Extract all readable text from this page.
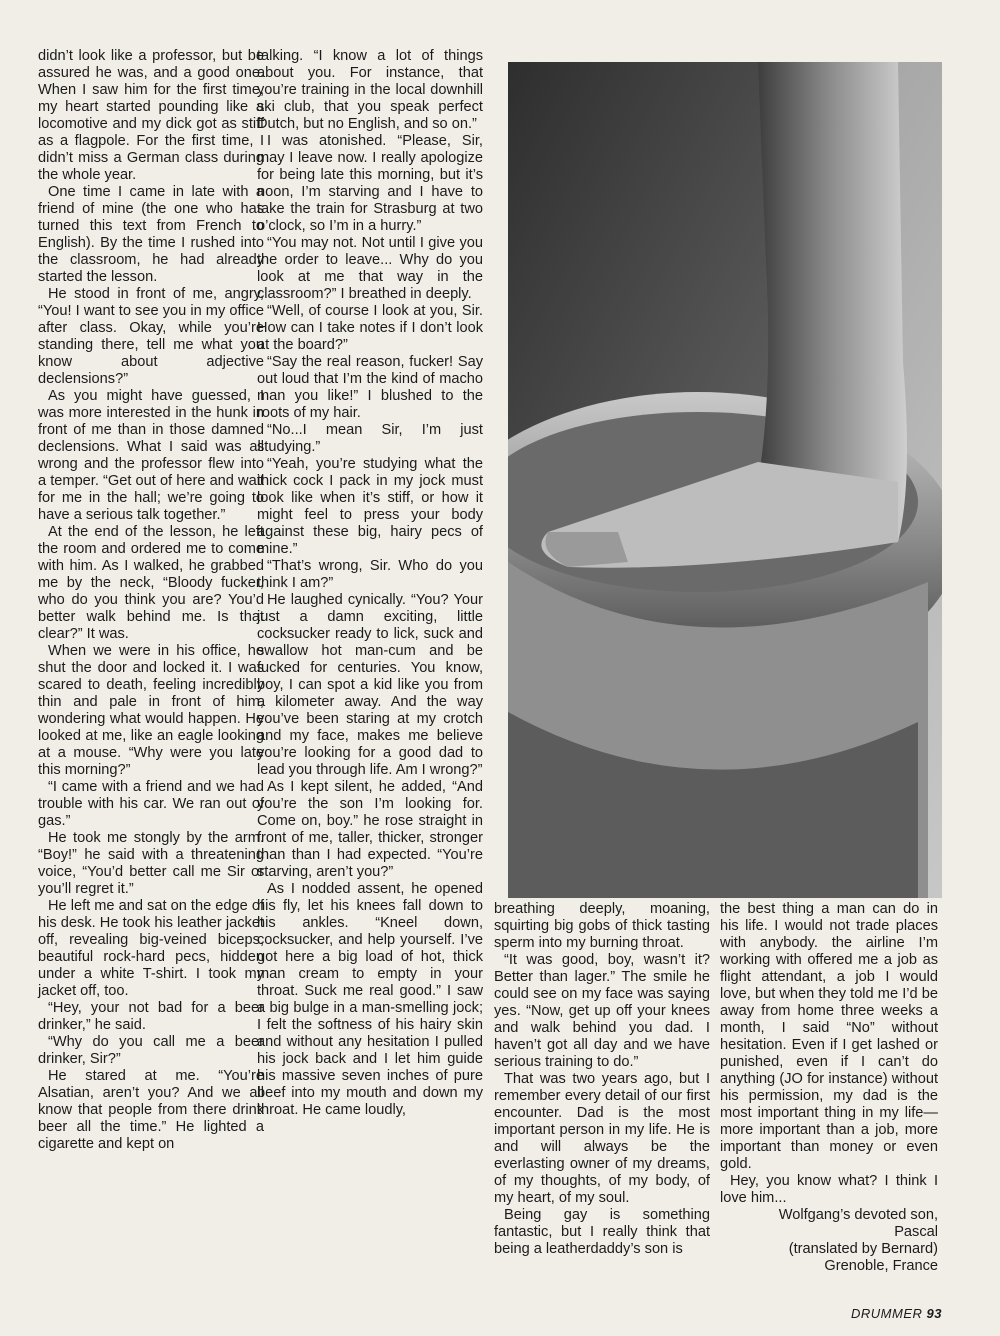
didn’t look like a professor, but be assured he was, and a good one. When I saw him for the first time, my heart started pounding like a locomotive and my dick got as stiff as a flagpole. For the first time, I didn’t miss a German class during the whole year.

One time I came in late with a friend of mine (the one who has turned this text from French to English). By the time I rushed into the classroom, he had already started the lesson.

He stood in front of me, angry, “You! I want to see you in my office after class. Okay, while you’re standing there, tell me what you know about adjective declensions?”

As you might have guessed, I was more interested in the hunk in front of me than in those damned declensions. What I said was all wrong and the professor flew into a temper. “Get out of here and wait for me in the hall; we’re going to have a serious talk together.”

At the end of the lesson, he left the room and ordered me to come with him. As I walked, he grabbed me by the neck, “Bloody fucker, who do you think you are? You’d better walk behind me. Is that clear?” It was.

When we were in his office, he shut the door and locked it. I was scared to death, feeling incredibly thin and pale in front of him, wondering what would happen. He looked at me, like an eagle looking at a mouse. “Why were you late this morning?”

“I came with a friend and we had trouble with his car. We ran out of gas.”

He took me stongly by the arm. “Boy!” he said with a threatening voice, “You’d better call me Sir or you’ll regret it.”

He left me and sat on the edge of his desk. He took his leather jacket off, revealing big-veined biceps, beautiful rock-hard pecs, hidden under a white T-shirt. I took my jacket off, too.

“Hey, your not bad for a beer drinker,” he said.

“Why do you call me a beer drinker, Sir?”

He stared at me. “You’re Alsatian, aren’t you? And we all know that people from there drink beer all the time.” He lighted a cigarette and kept on

talking. “I know a lot of things about you. For instance, that you’re training in the local downhill ski club, that you speak perfect Dutch, but no English, and so on.”

I was atonished. “Please, Sir, may I leave now. I really apologize for being late this morning, but it’s noon, I’m starving and I have to take the train for Strasburg at two o’clock, so I’m in a hurry.”

“You may not. Not until I give you the order to leave... Why do you look at me that way in the classroom?” I breathed in deeply.

“Well, of course I look at you, Sir. How can I take notes if I don’t look at the board?”

“Say the real reason, fucker! Say out loud that I’m the kind of macho man you like!” I blushed to the roots of my hair.

“No...I mean Sir, I’m just studying.”

“Yeah, you’re studying what the thick cock I pack in my jock must look like when it’s stiff, or how it might feel to press your body against these big, hairy pecs of mine.”

“That’s wrong, Sir. Who do you think I am?”

He laughed cynically. “You? Your just a damn exciting, little cocksucker ready to lick, suck and swallow hot man-cum and be fucked for centuries. You know, boy, I can spot a kid like you from a kilometer away. And the way you’ve been staring at my crotch and my face, makes me believe you’re looking for a good dad to lead you through life. Am I wrong?”

As I kept silent, he added, “And you’re the son I’m looking for. Come on, boy.” he rose straight in front of me, taller, thicker, stronger than than I had expected. “You’re starving, aren’t you?”

As I nodded assent, he opened his fly, let his knees fall down to his ankles. “Kneel down, cocksucker, and help yourself. I’ve got here a big load of hot, thick man cream to empty in your throat. Suck me real good.” I saw a big bulge in a man-smelling jock; I felt the softness of his hairy skin and without any hesitation I pulled his jock back and I let him guide his massive seven inches of pure beef into my mouth and down my throat. He came loudly,

breathing deeply, moaning, squirting big gobs of thick tasting sperm into my burning throat.

“It was good, boy, wasn’t it? Better than lager.” The smile he could see on my face was saying yes. “Now, get up off your knees and walk behind you dad. I haven’t got all day and we have serious training to do.”

That was two years ago, but I remember every detail of our first encounter. Dad is the most important person in my life. He is and will always be the everlasting owner of my dreams, of my thoughts, of my body, of my heart, of my soul.

Being gay is something fantastic, but I really think that being a leatherdaddy’s son is

the best thing a man can do in his life. I would not trade places with anybody. the airline I’m working with offered me a job as flight attendant, a job I would love, but when they told me I’d be away from home three weeks a month, I said “No” without hesitation. Even if I get lashed or punished, even if I can’t do anything (JO for instance) without his permission, my dad is the most important thing in my life—more important than a job, more important than money or even gold.

Hey, you know what? I think I love him...

Wolfgang’s devoted son,

Pascal

(translated by Bernard)

Grenoble, France

DRUMMER 93
